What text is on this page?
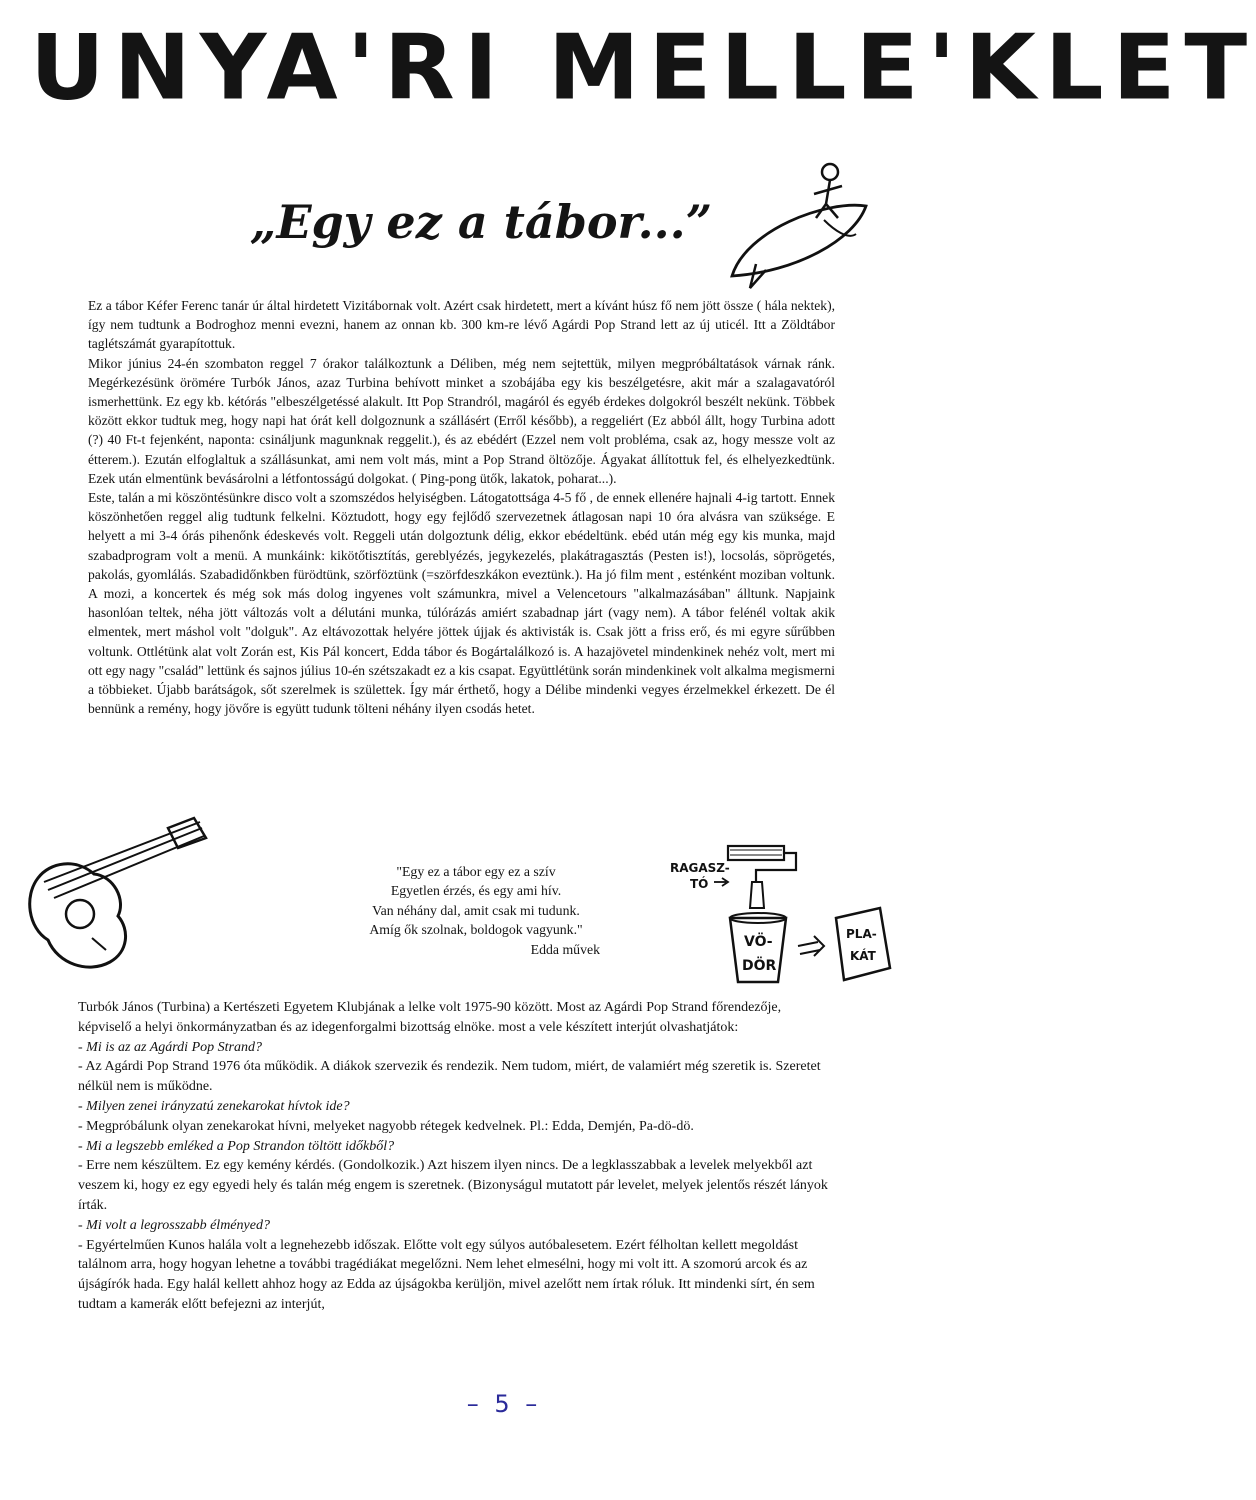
UNYA'RI MELLE'KLET
„Egy ez a tábor...”

Ez a tábor Kéfer Ferenc tanár úr által hirdetett Vizitábornak volt. Azért csak hirdetett, mert a kívánt húsz fő nem jött össze ( hála nektek), így nem tudtunk a Bodroghoz menni evezni, hanem az onnan kb. 300 km-re lévő Agárdi Pop Strand lett az új uticél. Itt a Zöldtábor taglétszámát gyarapítottuk.

Mikor június 24-én szombaton reggel 7 órakor találkoztunk a Déliben, még nem sejtettük, milyen megpróbáltatások várnak ránk. Megérkezésünk örömére Turbók János, azaz Turbina behívott minket a szobájába egy kis beszélgetésre, akit már a szalagavatóról ismerhettünk. Ez egy kb. kétórás "elbeszélgetéssé alakult. Itt Pop Strandról, magáról és egyéb érdekes dolgokról beszélt nekünk. Többek között ekkor tudtuk meg, hogy napi hat órát kell dolgoznunk a szállásért (Erről később), a reggeliért (Ez abból állt, hogy Turbina adott (?) 40 Ft-t fejenként, naponta: csináljunk magunknak reggelit.), és az ebédért (Ezzel nem volt probléma, csak az, hogy messze volt az étterem.). Ezután elfoglaltuk a szállásunkat, ami nem volt más, mint a Pop Strand öltözője. Ágyakat állítottuk fel, és elhelyezkedtünk. Ezek után elmentünk bevásárolni a létfontosságú dolgokat. ( Ping-pong ütők, lakatok, poharat...).

Este, talán a mi köszöntésünkre disco volt a szomszédos helyiségben. Látogatottsága 4-5 fő , de ennek ellenére hajnali 4-ig tartott. Ennek köszönhetően reggel alig tudtunk felkelni. Köztudott, hogy egy fejlődő szervezetnek átlagosan napi 10 óra alvásra van szüksége. E helyett a mi 3-4 órás pihenőnk édeskevés volt. Reggeli után dolgoztunk délig, ekkor ebédeltünk. ebéd után még egy kis munka, majd szabadprogram volt a menü. A munkáink: kikötőtisztítás, gereblyézés, jegykezelés, plakátragasztás (Pesten is!), locsolás, söprögetés, pakolás, gyomlálás. Szabadidőnkben fürödtünk, szörföztünk (=szörfdeszkákon eveztünk.). Ha jó film ment , esténként moziban voltunk. A mozi, a koncertek és még sok más dolog ingyenes volt számunkra, mivel a Velencetours "alkalmazásában" álltunk. Napjaink hasonlóan teltek, néha jött változás volt a délutáni munka, túlórázás amiért szabadnap járt (vagy nem). A tábor felénél voltak akik elmentek, mert máshol volt "dolguk". Az eltávozottak helyére jöttek újjak és aktivisták is. Csak jött a friss erő, és mi egyre sűrűbben voltunk. Ottlétünk alat volt Zorán est, Kis Pál koncert, Edda tábor és Bogártalálkozó is. A hazajövetel mindenkinek nehéz volt, mert mi ott egy nagy "család" lettünk és sajnos július 10-én szétszakadt ez a kis csapat. Együttlétünk során mindenkinek volt alkalma megismerni a többieket. Újabb barátságok, sőt szerelmek is születtek. Így már érthető, hogy a Délibe mindenki vegyes érzelmekkel érkezett. De él bennünk a remény, hogy jövőre is együtt tudunk tölteni néhány ilyen csodás hetet.

"Egy ez a tábor egy ez a szív
Egyetlen érzés, és egy ami hív.
Van néhány dal, amit csak mi tudunk.
Amíg ők szolnak, boldogok vagyunk."
Edda művek
RAGASZ-
TÓ
VÖ-
DÖR
PLA-
KÁT

Turbók János (Turbina) a Kertészeti Egyetem Klubjának a lelke volt 1975-90 között. Most az Agárdi Pop Strand főrendezője, képviselő a helyi önkormányzatban és az idegenforgalmi bizottság elnöke. most a vele készített interjút olvashatjátok:

- Mi is az az Agárdi Pop Strand?

- Az Agárdi Pop Strand 1976 óta működik. A diákok szervezik és rendezik. Nem tudom, miért, de valamiért még szeretik is. Szeretet nélkül nem is működne.

- Milyen zenei irányzatú zenekarokat hívtok ide?

- Megpróbálunk olyan zenekarokat hívni, melyeket nagyobb rétegek kedvelnek. Pl.: Edda, Demjén, Pa-dö-dö.

- Mi a legszebb emléked a Pop Strandon töltött időkből?

- Erre nem készültem. Ez egy kemény kérdés. (Gondolkozik.) Azt hiszem ilyen nincs. De a legklasszabbak a levelek melyekből azt veszem ki, hogy ez egy egyedi hely és talán még engem is szeretnek. (Bizonyságul mutatott pár levelet, melyek jelentős részét lányok írták.

- Mi volt a legrosszabb élményed?

- Egyértelműen Kunos halála volt a legnehezebb időszak. Előtte volt egy súlyos autóbalesetem. Ezért félholtan kellett megoldást találnom arra, hogy hogyan lehetne a további tragédiákat megelőzni. Nem lehet elmesélni, hogy mi volt itt. A szomorú arcok és az újságírók hada. Egy halál kellett ahhoz hogy az Edda az újságokba kerüljön, mivel azelőtt nem írtak róluk. Itt mindenki sírt, én sem tudtam a kamerák előtt befejezni az interjút,

– 5 –
